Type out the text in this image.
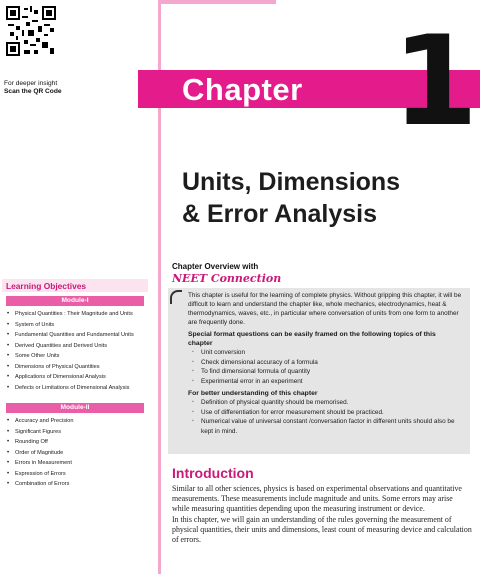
For deeper insight
Scan the QR Code	Chapter 1
Units, Dimensions
& Error Analysis
Learning Objectives
Module-I
• Physical Quantities : Their Magnitude and Units
• System of Units
• Fundamental Quantities and Fundamental Units
• Derived Quantities and Derived Units
• Some Other Units
• Dimensions of Physical Quantities
• Applications of Dimensional Analysis
• Defects or Limitations of Dimensional Analysis
Module-II
• Accuracy and Precision
• Significant Figures
• Rounding Off
• Order of Magnitude
• Errors in Measurement
• Expression of Errors
• Combination of Errors
Chapter Overview with
NEET Connection

This chapter is useful for the learning of complete physics. Without gripping this chapter, it will be difficult to learn and understand the chapter like, whole mechanics, electrodynamics, heat & thermodynamics, waves, etc., in particular where conversation of units from one form to another are frequently done.

Special format questions can be easily framed on the following topics of this chapter

▪ Unit conversion
▪ Check dimensional accuracy of a formula
▪ To find dimensional formula of quantity
▪ Experimental error in an experiment

For better understanding of this chapter

▪ Definition of physical quantity should be memorised.
▪ Use of differentiation for error measurement should be practiced.
▪ Numerical value of universal constant /conversation factor in different units should also be kept in mind.
Introduction

Similar to all other sciences, physics is based on experimental observations and quantitative measurements. These measurements include magnitude and units. Some errors may arise while measuring quantities depending upon the measuring instrument or device.

In this chapter, we will gain an understanding of the rules governing the measurement of physical quantities, their units and dimensions, least count of measuring device and calculation of errors.
